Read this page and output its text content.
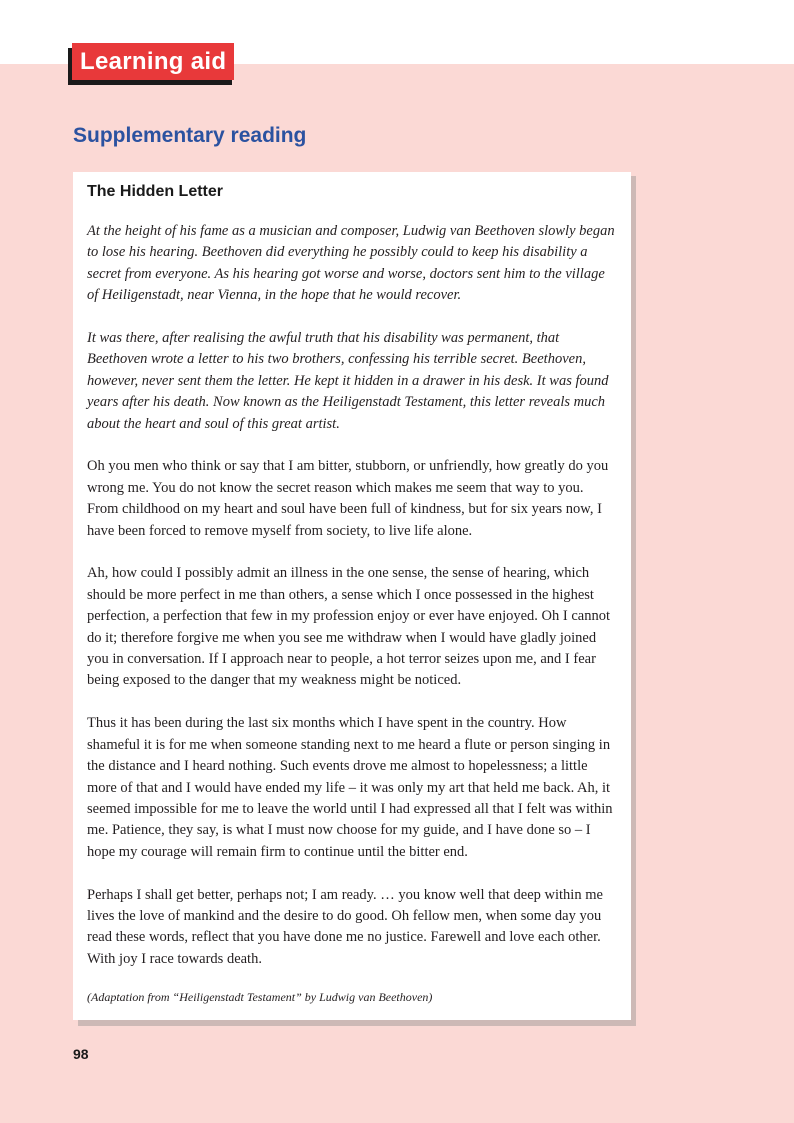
Learning aid
Supplementary reading
The Hidden Letter

At the height of his fame as a musician and composer, Ludwig van Beethoven slowly began to lose his hearing. Beethoven did everything he possibly could to keep his disability a secret from everyone. As his hearing got worse and worse, doctors sent him to the village of Heiligenstadt, near Vienna, in the hope that he would recover.

It was there, after realising the awful truth that his disability was permanent, that Beethoven wrote a letter to his two brothers, confessing his terrible secret. Beethoven, however, never sent them the letter. He kept it hidden in a drawer in his desk. It was found years after his death. Now known as the Heiligenstadt Testament, this letter reveals much about the heart and soul of this great artist.

Oh you men who think or say that I am bitter, stubborn, or unfriendly, how greatly do you wrong me. You do not know the secret reason which makes me seem that way to you. From childhood on my heart and soul have been full of kindness, but for six years now, I have been forced to remove myself from society, to live life alone.

Ah, how could I possibly admit an illness in the one sense, the sense of hearing, which should be more perfect in me than others, a sense which I once possessed in the highest perfection, a perfection that few in my profession enjoy or ever have enjoyed. Oh I cannot do it; therefore forgive me when you see me withdraw when I would have gladly joined you in conversation. If I approach near to people, a hot terror seizes upon me, and I fear being exposed to the danger that my weakness might be noticed.

Thus it has been during the last six months which I have spent in the country. How shameful it is for me when someone standing next to me heard a flute or person singing in the distance and I heard nothing. Such events drove me almost to hopelessness; a little more of that and I would have ended my life – it was only my art that held me back. Ah, it seemed impossible for me to leave the world until I had expressed all that I felt was within me. Patience, they say, is what I must now choose for my guide, and I have done so – I hope my courage will remain firm to continue until the bitter end.

Perhaps I shall get better, perhaps not; I am ready. … you know well that deep within me lives the love of mankind and the desire to do good. Oh fellow men, when some day you read these words, reflect that you have done me no justice. Farewell and love each other. With joy I race towards death.

(Adaptation from “Heiligenstadt Testament” by Ludwig van Beethoven)

98
